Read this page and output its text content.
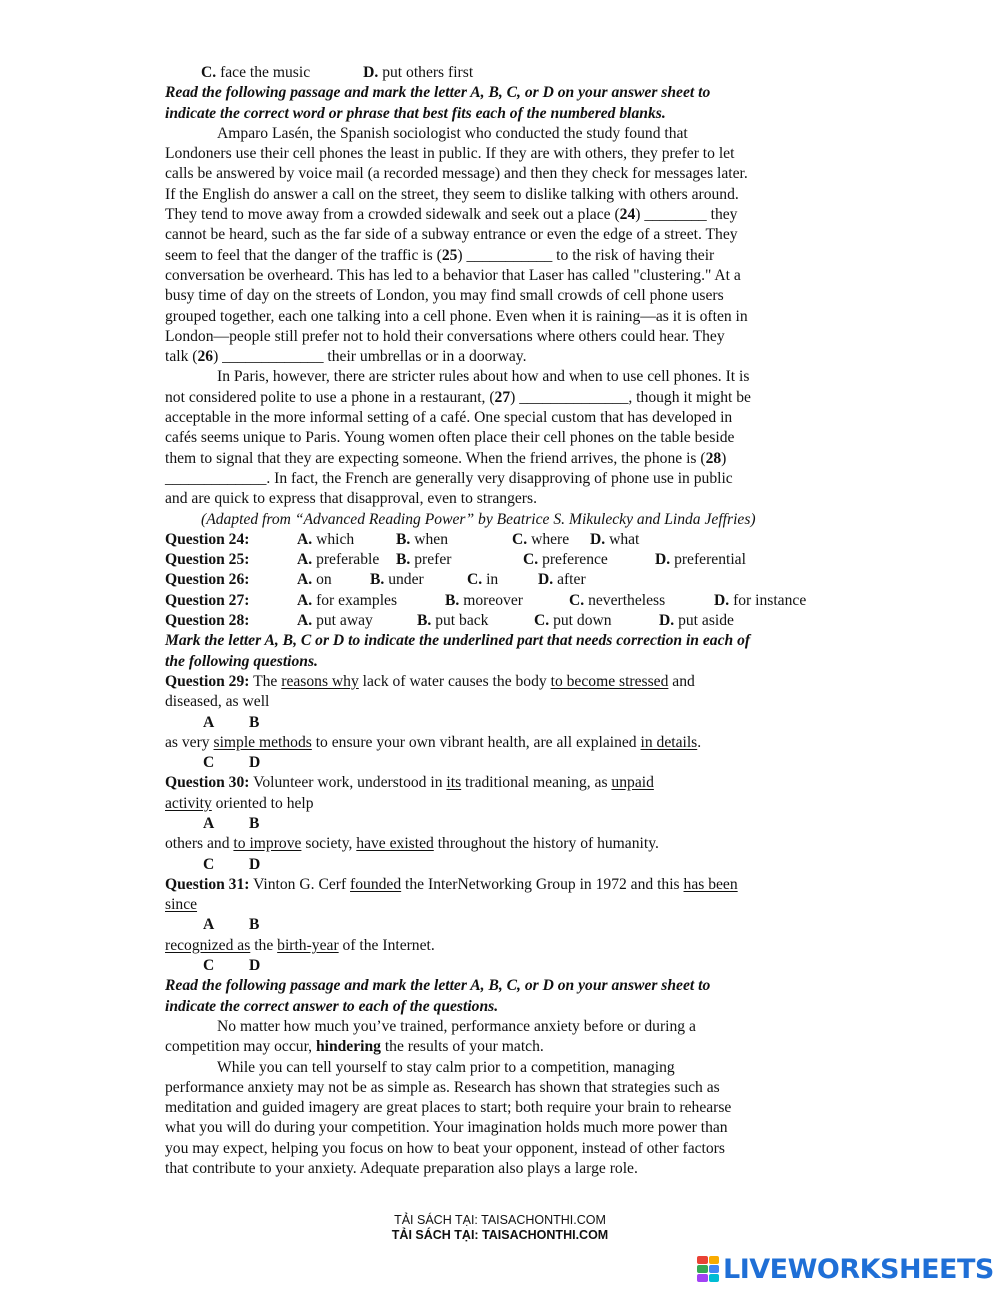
C. face the music	D. put others first
Read the following passage and mark the letter A, B, C, or D on your answer sheet to
indicate the correct word or phrase that best fits each of the numbered blanks.
Amparo Lasén, the Spanish sociologist who conducted the study found that
Londoners use their cell phones the least in public. If they are with others, they prefer to let
calls be answered by voice mail (a recorded message) and then they check for messages later.
If the English do answer a call on the street, they seem to dislike talking with others around.
They tend to move away from a crowded sidewalk and seek out a place (24) ________ they
cannot be heard, such as the far side of a subway entrance or even the edge of a street. They
seem to feel that the danger of the traffic is (25) ___________ to the risk of having their
conversation be overheard. This has led to a behavior that Laser has called "clustering." At a
busy time of day on the streets of London, you may find small crowds of cell phone users
grouped together, each one talking into a cell phone. Even when it is raining—as it is often in
London—people still prefer not to hold their conversations where others could hear. They
talk (26) _____________ their umbrellas or in a doorway.
In Paris, however, there are stricter rules about how and when to use cell phones. It is
not considered polite to use a phone in a restaurant, (27) ______________, though it might be
acceptable in the more informal setting of a café. One special custom that has developed in
cafés seems unique to Paris. Young women often place their cell phones on the table beside
them to signal that they are expecting someone. When the friend arrives, the phone is (28)
_____________. In fact, the French are generally very disapproving of phone use in public
and are quick to express that disapproval, even to strangers.
(Adapted from “Advanced Reading Power” by Beatrice S. Mikulecky and Linda Jeffries)
Question 24:	A. which	B. when	C. where	D. what
Question 25:	A. preferable	B. prefer	C. preference	D. preferential
Question 26:	A. on	B. under	C. in	D. after
Question 27:	A. for examples	B. moreover	C. nevertheless	D. for instance
Question 28:	A. put away	B. put back	C. put down	D. put aside
Mark the letter A, B, C or D to indicate the underlined part that needs correction in each of
the following questions.
Question 29: The reasons why lack of water causes the body to become stressed and
diseased, as well
A B
as very simple methods to ensure your own vibrant health, are all explained in details.
C D
Question 30: Volunteer work, understood in its traditional meaning, as unpaid
activity oriented to help
A B
others and to improve society, have existed throughout the history of humanity.
C D
Question 31: Vinton G. Cerf founded the InterNetworking Group in 1972 and this has been
since
A B
recognized as the birth-year of the Internet.
C D
Read the following passage and mark the letter A, B, C, or D on your answer sheet to
indicate the correct answer to each of the questions.
No matter how much you’ve trained, performance anxiety before or during a
competition may occur, hindering the results of your match.
While you can tell yourself to stay calm prior to a competition, managing
performance anxiety may not be as simple as. Research has shown that strategies such as
meditation and guided imagery are great places to start; both require your brain to rehearse
what you will do during your competition. Your imagination holds much more power than
you may expect, helping you focus on how to beat your opponent, instead of other factors
that contribute to your anxiety. Adequate preparation also plays a large role.
TẢI SÁCH TẠI: TAISACHONTHI.COM
TẢI SÁCH TẠI: TAISACHONTHI.COM
LIVEWORKSHEETS
